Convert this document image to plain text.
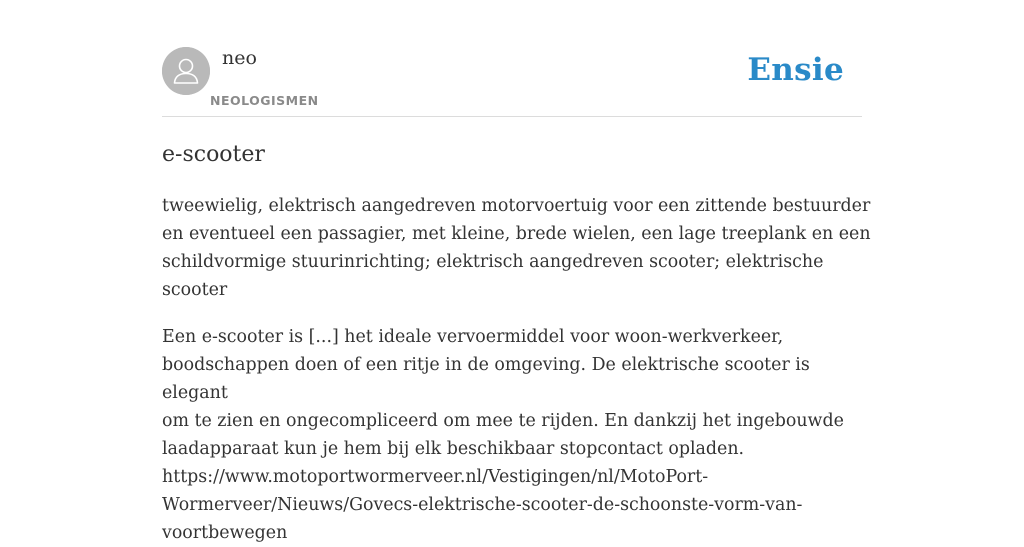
neo
NEOLOGISMEN
Ensie
e-scooter

tweewielig, elektrisch aangedreven motorvoertuig voor een zittende bestuurder en eventueel een passagier, met kleine, brede wielen, een lage treeplank en een schildvormige stuurinrichting; elektrisch aangedreven scooter; elektrische scooter

Een e-scooter is [...] het ideale vervoermiddel voor woon-werkverkeer,
boodschappen doen of een ritje in de omgeving. De elektrische scooter is elegant
om te zien en ongecompliceerd om mee te rijden. En dankzij het ingebouwde
laadapparaat kun je hem bij elk beschikbaar stopcontact opladen.
https://www.motoportwormerveer.nl/Vestigingen/nl/MotoPort-
Wormerveer/Nieuws/Govecs-elektrische-scooter-de-schoonste-vorm-van-
voortbewegen
